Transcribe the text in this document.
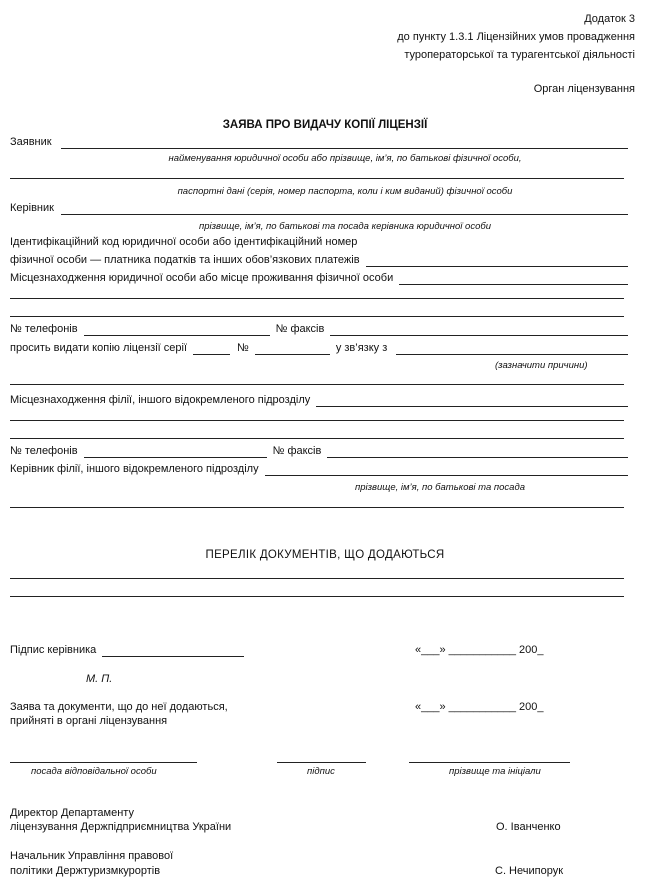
Додаток 3
до пункту 1.3.1 Ліцензійних умов провадження
туроператорської та турагентської діяльності
Орган ліцензування
ЗАЯВА ПРО ВИДАЧУ КОПІЇ ЛІЦЕНЗІЇ
Заявник
найменування юридичної особи або прізвище, ім’я, по батькові фізичної особи,
паспортні дані (серія, номер паспорта, коли і ким виданий) фізичної особи
Керівник
прізвище, ім’я, по батькові та посада керівника юридичної особи
Ідентифікаційний код юридичної особи або ідентифікаційний номер
фізичної особи — платника податків та інших обов’язкових платежів
Місцезнаходження юридичної особи або місце проживання фізичної особи
№ телефонів	№ факсів
просить видати копію ліцензії серії	№	у зв’язку з
(зазначити причини)
Місцезнаходження філії, іншого відокремленого підрозділу
№ телефонів	№ факсів
Керівник філії, іншого відокремленого підрозділу
прізвище, ім’я, по батькові та посада
ПЕРЕЛІК ДОКУМЕНТІВ, ЩО ДОДАЮТЬСЯ
Підпис керівника	«___» ___________ 200_
М. П.
Заява та документи, що до неї додаються,
прийняті в органі ліцензування
«___» ___________ 200_
посада відповідальної особи	підпис	прізвище та ініціали
Директор Департаменту
ліцензування Держпідприємництва України	О. Іванченко
Начальник Управління правової
політики Держтуризмкурортів	С. Нечипорук
